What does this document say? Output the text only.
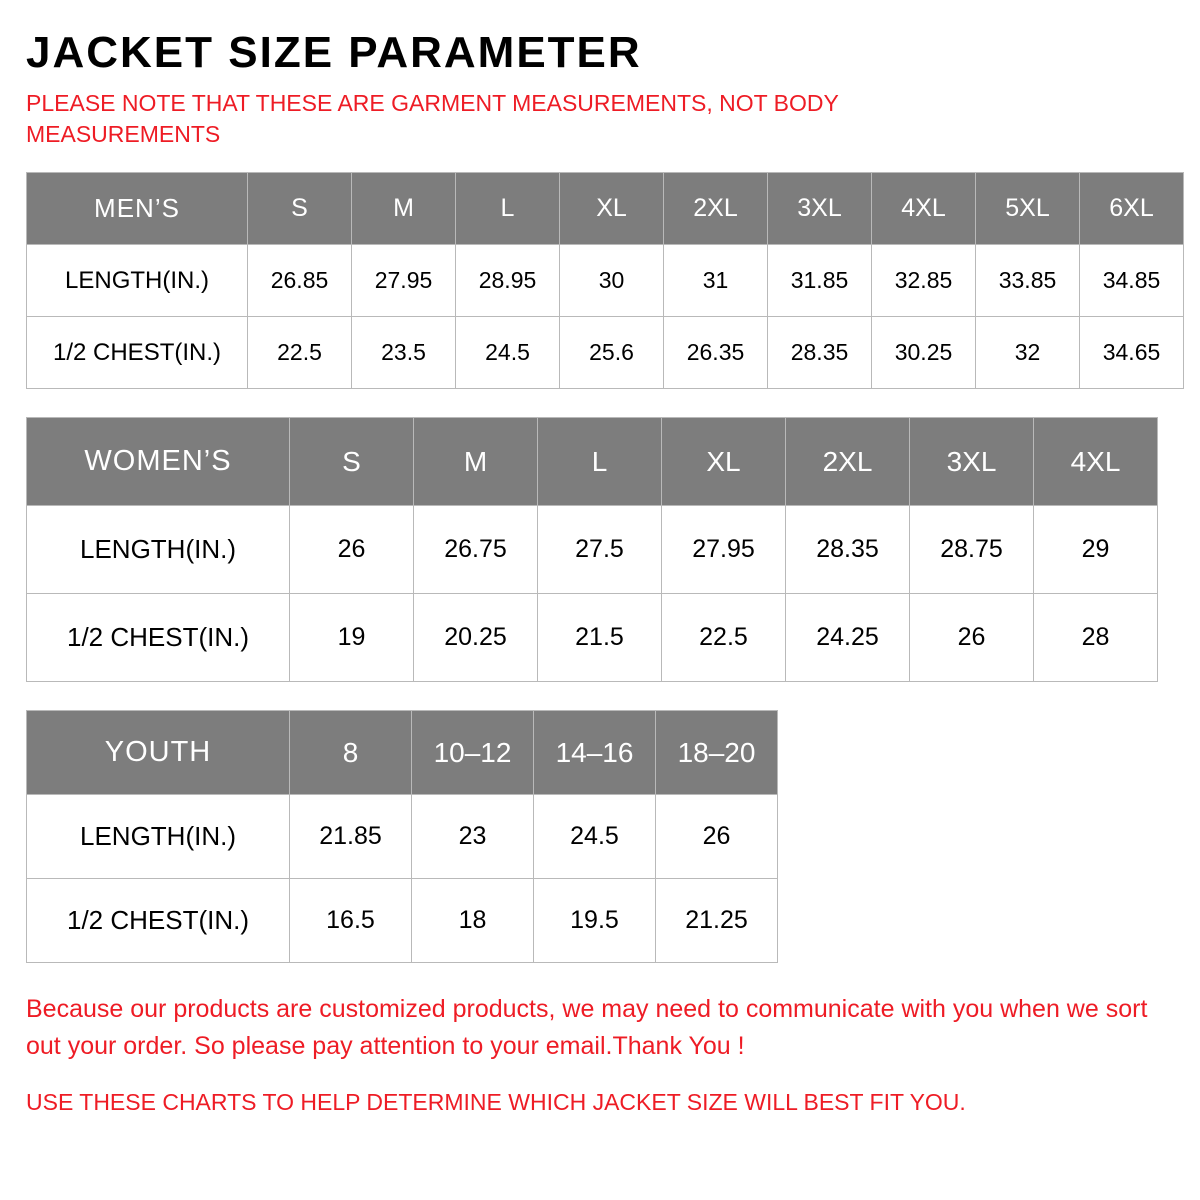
JACKET SIZE PARAMETER
PLEASE NOTE THAT THESE ARE GARMENT MEASUREMENTS, NOT BODY MEASUREMENTS
MEN’S	S	M	L	XL	2XL	3XL	4XL	5XL	6XL
LENGTH(IN.)	26.85	27.95	28.95	30	31	31.85	32.85	33.85	34.85
1/2 CHEST(IN.)	22.5	23.5	24.5	25.6	26.35	28.35	30.25	32	34.65
WOMEN’S	S	M	L	XL	2XL	3XL	4XL
LENGTH(IN.)	26	26.75	27.5	27.95	28.35	28.75	29
1/2 CHEST(IN.)	19	20.25	21.5	22.5	24.25	26	28
YOUTH	8	10–12	14–16	18–20
LENGTH(IN.)	21.85	23	24.5	26
1/2 CHEST(IN.)	16.5	18	19.5	21.25
Because our products are customized products, we may need to communicate with you when we sort out your order. So please pay attention to your email.Thank You !
USE THESE CHARTS TO HELP DETERMINE WHICH JACKET SIZE WILL BEST FIT YOU.
